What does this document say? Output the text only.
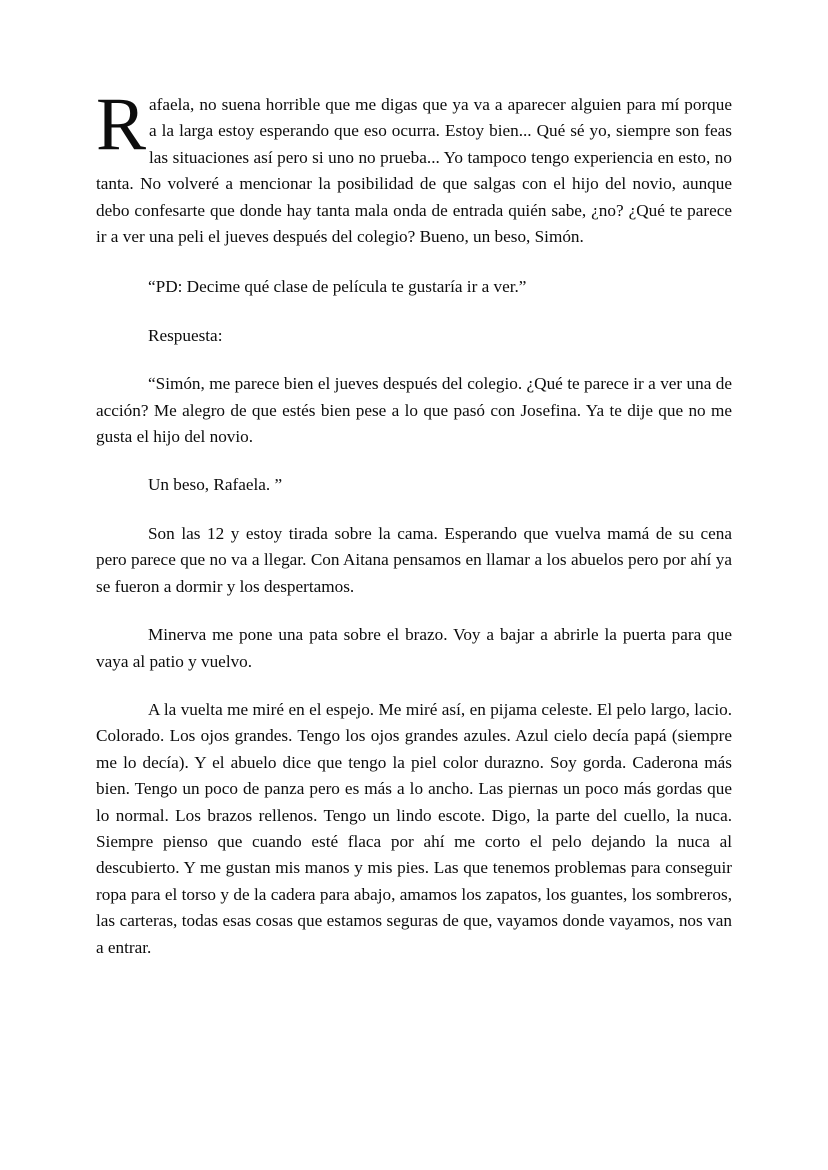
Rafaela, no suena horrible que me digas que ya va a aparecer alguien para mí porque a la larga estoy esperando que eso ocurra. Estoy bien... Qué sé yo, siempre son feas las situaciones así pero si uno no prueba... Yo tampoco tengo experiencia en esto, no tanta. No volveré a mencionar la posibilidad de que salgas con el hijo del novio, aunque debo confesarte que donde hay tanta mala onda de entrada quién sabe, ¿no? ¿Qué te parece ir a ver una peli el jueves después del colegio? Bueno, un beso, Simón.

“PD: Decime qué clase de película te gustaría ir a ver.”

Respuesta:

“Simón, me parece bien el jueves después del colegio. ¿Qué te parece ir a ver una de acción? Me alegro de que estés bien pese a lo que pasó con Josefina. Ya te dije que no me gusta el hijo del novio.

Un beso, Rafaela. ”

Son las 12 y estoy tirada sobre la cama. Esperando que vuelva mamá de su cena pero parece que no va a llegar. Con Aitana pensamos en llamar a los abuelos pero por ahí ya se fueron a dormir y los despertamos.

Minerva me pone una pata sobre el brazo. Voy a bajar a abrirle la puerta para que vaya al patio y vuelvo.

A la vuelta me miré en el espejo. Me miré así, en pijama celeste. El pelo largo, lacio. Colorado. Los ojos grandes. Tengo los ojos grandes azules. Azul cielo decía papá (siempre me lo decía). Y el abuelo dice que tengo la piel color durazno. Soy gorda. Caderona más bien. Tengo un poco de panza pero es más a lo ancho. Las piernas un poco más gordas que lo normal. Los brazos rellenos. Tengo un lindo escote. Digo, la parte del cuello, la nuca. Siempre pienso que cuando esté flaca por ahí me corto el pelo dejando la nuca al descubierto. Y me gustan mis manos y mis pies. Las que tenemos problemas para conseguir ropa para el torso y de la cadera para abajo, amamos los zapatos, los guantes, los sombreros, las carteras, todas esas cosas que estamos seguras de que, vayamos donde vayamos, nos van a entrar.
